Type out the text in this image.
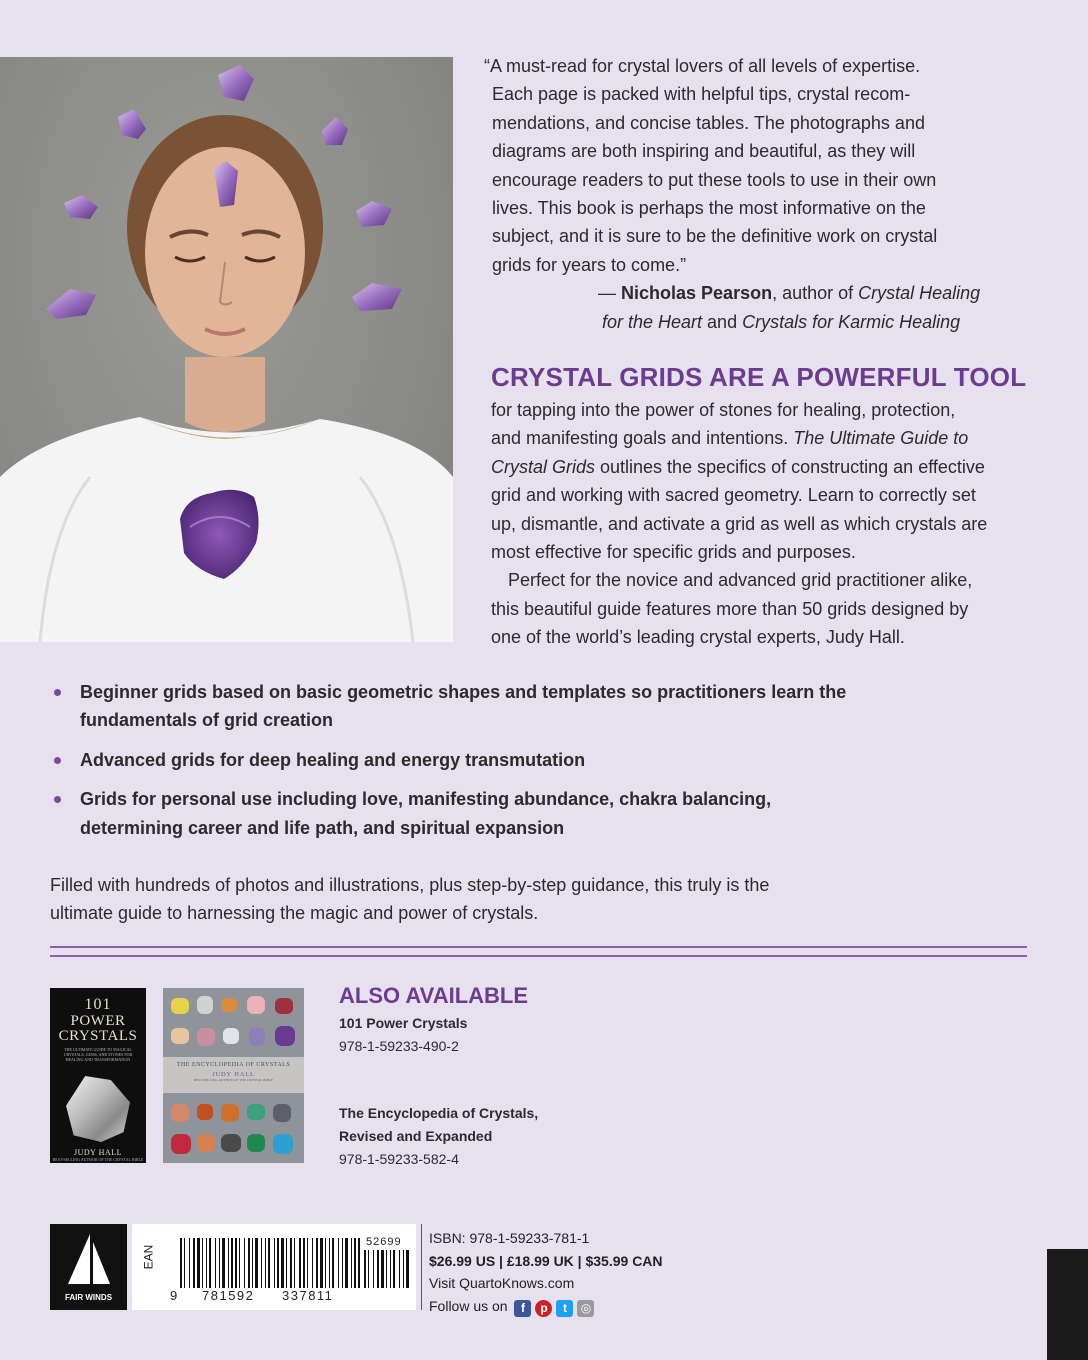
“A must-read for crystal lovers of all levels of expertise.

Each page is packed with helpful tips, crystal recom-

mendations, and concise tables. The photographs and

diagrams are both inspiring and beautiful, as they will

encourage readers to put these tools to use in their own

lives. This book is perhaps the most informative on the

subject, and it is sure to be the definitive work on crystal

grids for years to come.”

— Nicholas Pearson, author of Crystal Healing

for the Heart and Crystals for Karmic Healing

CRYSTAL GRIDS ARE A POWERFUL TOOL

for tapping into the power of stones for healing, protection,

and manifesting goals and intentions. The Ultimate Guide to

Crystal Grids outlines the specifics of constructing an effective

grid and working with sacred geometry. Learn to correctly set

up, dismantle, and activate a grid as well as which crystals are

most effective for specific grids and purposes.

Perfect for the novice and advanced grid practitioner alike,

this beautiful guide features more than 50 grids designed by

one of the world’s leading crystal experts, Judy Hall.

Beginner grids based on basic geometric shapes and templates so practitioners learn the
fundamentals of grid creation
Advanced grids for deep healing and energy transmutation
Grids for personal use including love, manifesting abundance, chakra balancing,
determining career and life path, and spiritual expansion

Filled with hundreds of photos and illustrations, plus step-by-step guidance, this truly is the

ultimate guide to harnessing the magic and power of crystals.

101
POWER
CRYSTALS
THE ULTIMATE GUIDE TO MAGICAL CRYSTALS, GEMS, AND STONES FOR HEALING AND TRANSFORMATION
JUDY HALL
BEST-SELLING AUTHOR OF THE CRYSTAL BIBLE
THE ENCYCLOPEDIA OF CRYSTALS
JUDY HALL
BEST-SELLING AUTHOR OF THE CRYSTAL BIBLE
ALSO AVAILABLE

101 Power Crystals

978-1-59233-490-2

The Encyclopedia of Crystals,

Revised and Expanded

978-1-59233-582-4

FAIR WINDS
EAN
52699
9 781592 337811

ISBN: 978-1-59233-781-1

$26.99 US | £18.99 UK | $35.99 CAN

Visit QuartoKnows.com

Follow us on f p t ◎
